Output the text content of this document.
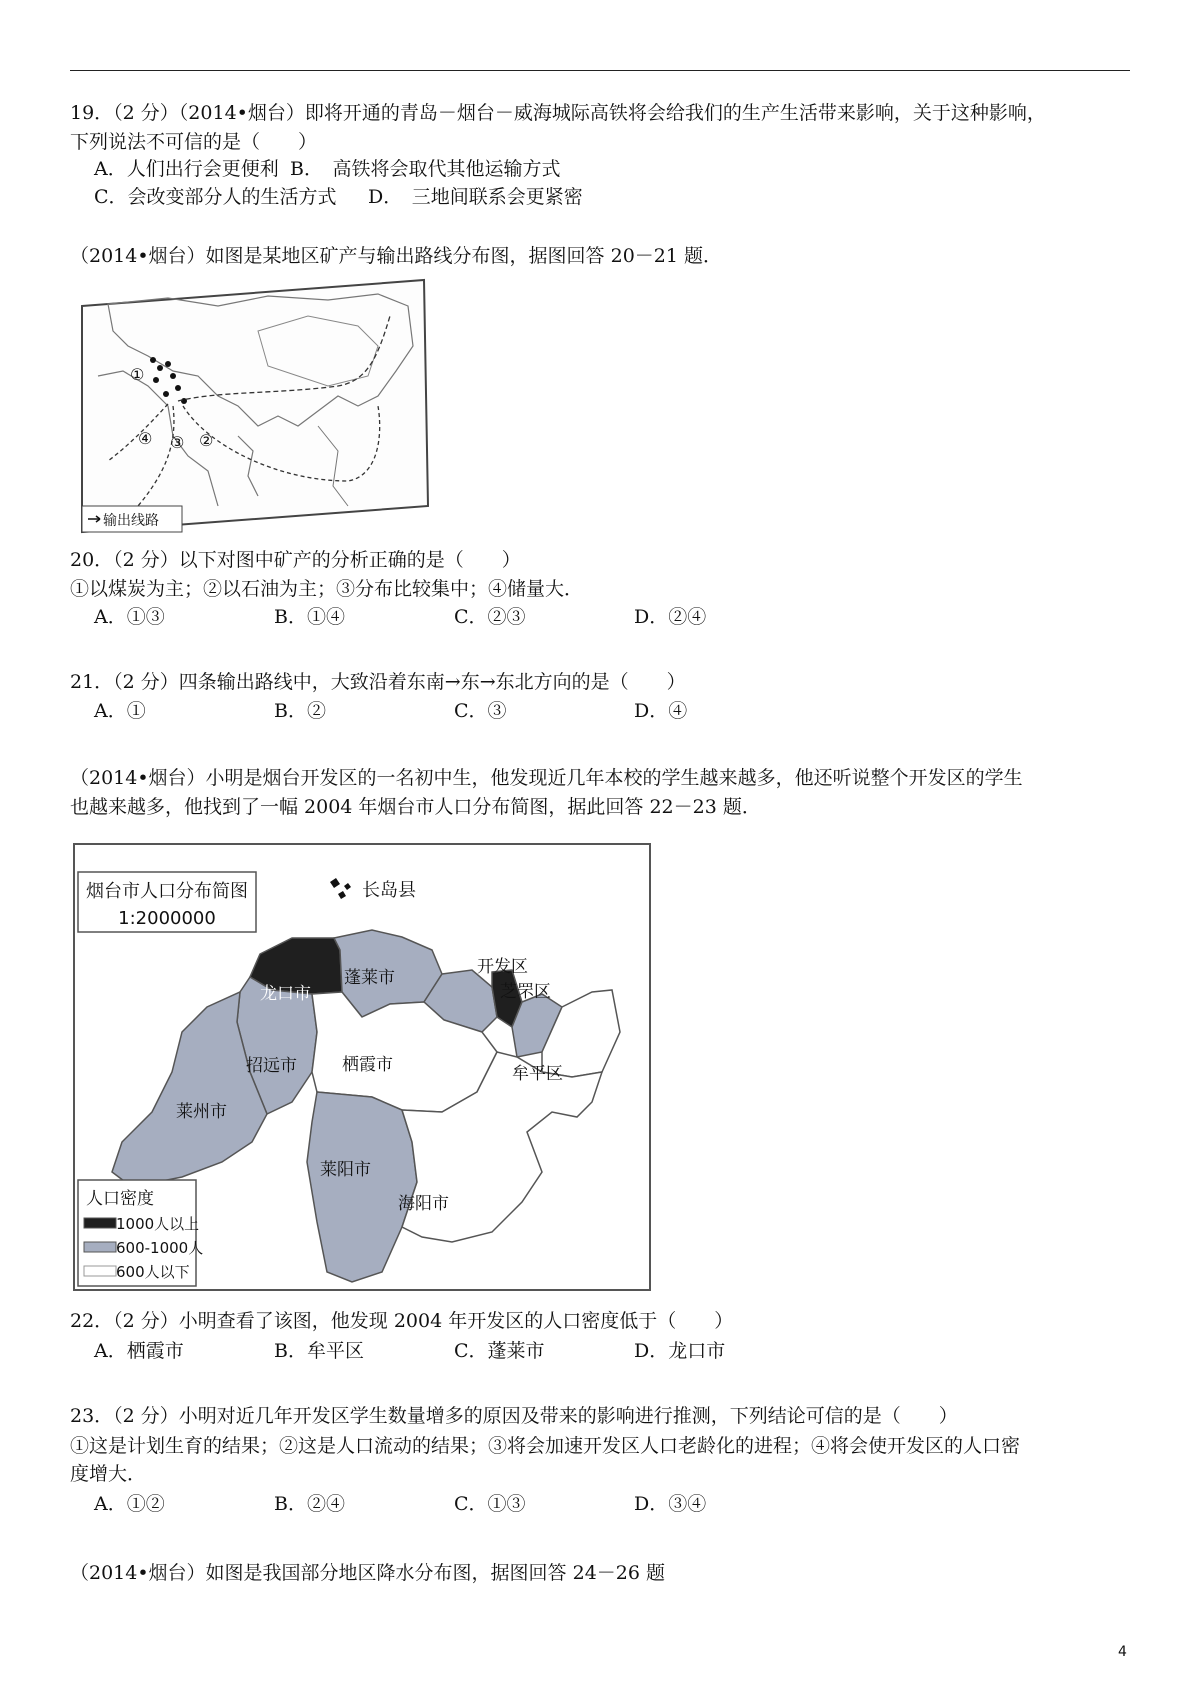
19．（2 分）（2014•烟台）即将开通的青岛－烟台－威海城际高铁将会给我们的生产生活带来影响，关于这种影响，
下列说法不可信的是（　　）
A．人们出行会更便利 B．　高铁将会取代其他运输方式
C．会改变部分人的生活方式 D．　三地间联系会更紧密
（2014•烟台）如图是某地区矿产与输出路线分布图，据图回答 20－21 题．
①
④ ③ ②
输出线路
20．（2 分）以下对图中矿产的分析正确的是（　　）
①以煤炭为主；②以石油为主；③分布比较集中；④储量大．
A．①③	B．①④	C．②③	D．②④
21．（2 分）四条输出路线中，大致沿着东南→东→东北方向的是（　　）
A．①	B．②	C．③	D．④
（2014•烟台）小明是烟台开发区的一名初中生，他发现近几年本校的学生越来越多，他还听说整个开发区的学生
也越来越多，他找到了一幅 2004 年烟台市人口分布简图，据此回答 22－23 题．
烟台市人口分布简图
1:2000000
长岛县
开发区
芝罘区
蓬莱市
龙口市
招远市	栖霞市	牟平区
莱州市
莱阳市
海阳市
人口密度
1000人以上
600-1000人
600人以下
22．（2 分）小明查看了该图，他发现 2004 年开发区的人口密度低于（　　）
A．栖霞市	B．牟平区	C．蓬莱市	D．龙口市
23．（2 分）小明对近几年开发区学生数量增多的原因及带来的影响进行推测，下列结论可信的是（　　）
①这是计划生育的结果；②这是人口流动的结果；③将会加速开发区人口老龄化的进程；④将会使开发区的人口密
度增大．
A．①②	B．②④	C．①③	D．③④
（2014•烟台）如图是我国部分地区降水分布图，据图回答 24－26 题
4
